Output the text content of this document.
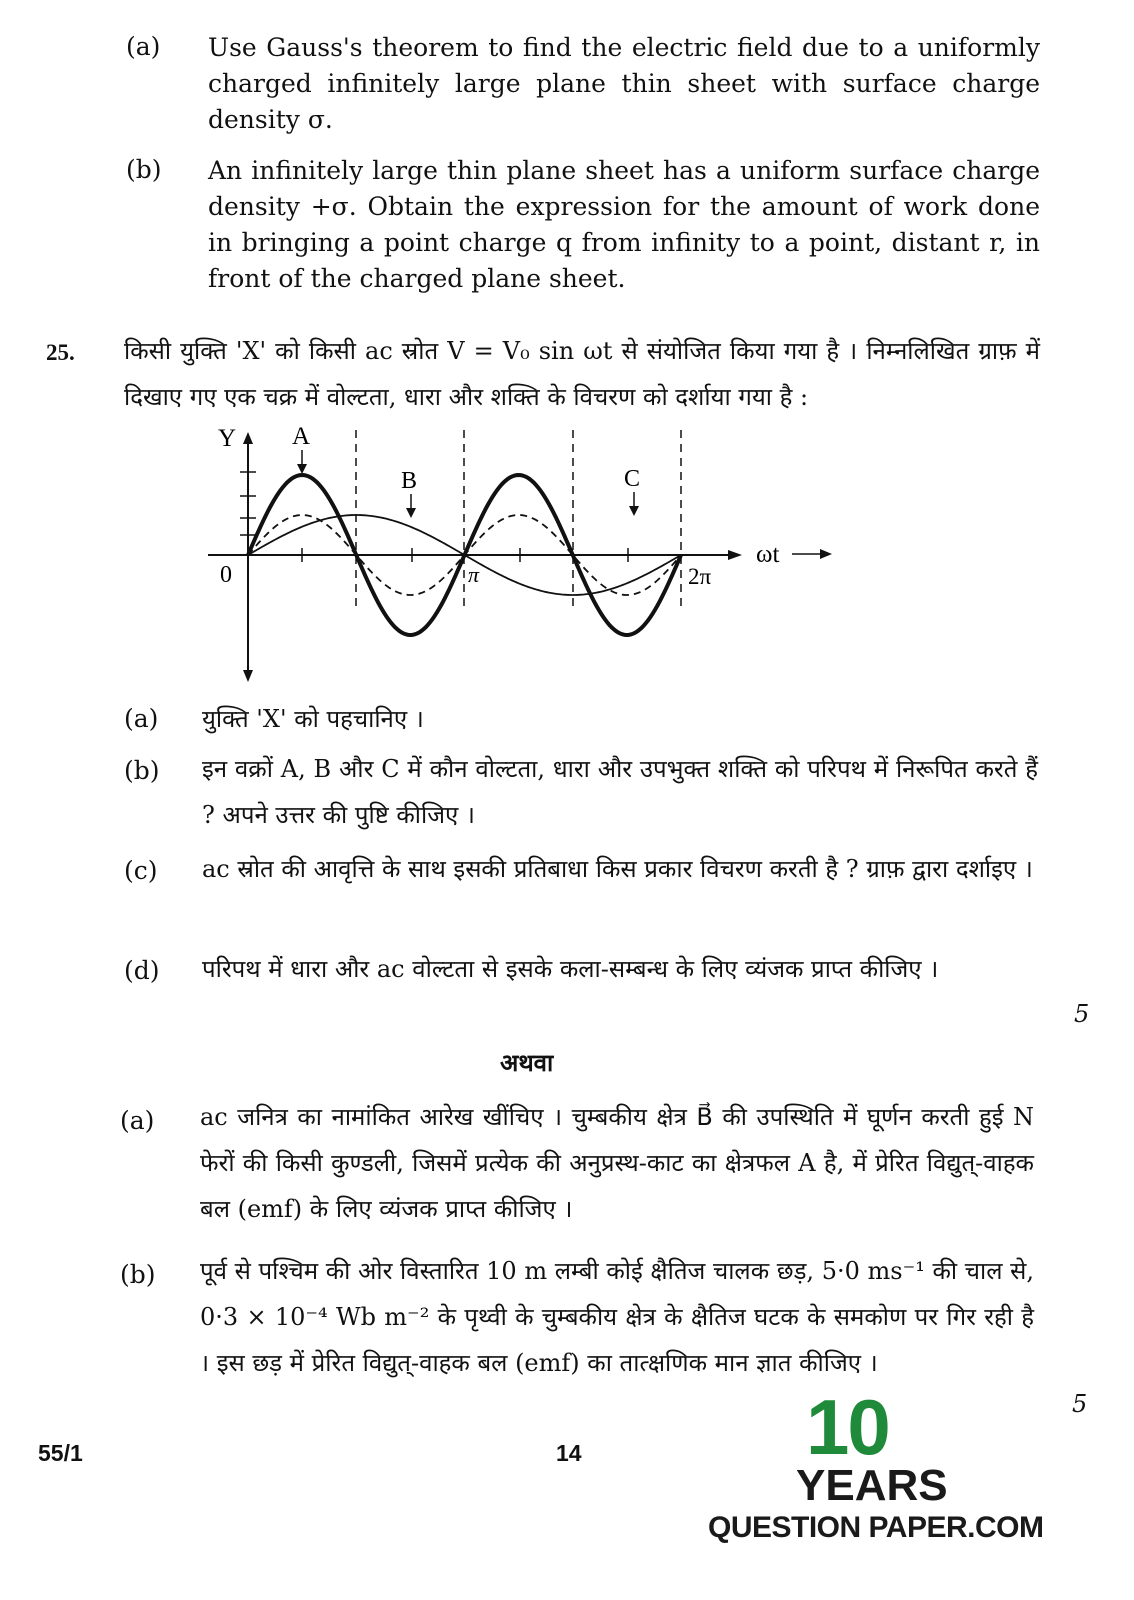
(a) Use Gauss's theorem to find the electric field due to a uniformly charged infinitely large plane thin sheet with surface charge density σ.
(b) An infinitely large thin plane sheet has a uniform surface charge density +σ. Obtain the expression for the amount of work done in bringing a point charge q from infinity to a point, distant r, in front of the charged plane sheet.
25. किसी युक्ति 'X' को किसी ac स्रोत V = V₀ sin ωt से संयोजित किया गया है । निम्नलिखित ग्राफ़ में दिखाए गए एक चक्र में वोल्टता, धारा और शक्ति के विचरण को दर्शाया गया है :
Y
0	π	2π
ωt
A
B	C
(a) युक्ति 'X' को पहचानिए ।
(b) इन वक्रों A, B और C में कौन वोल्टता, धारा और उपभुक्त शक्ति को परिपथ में निरूपित करते हैं ? अपने उत्तर की पुष्टि कीजिए ।
(c) ac स्रोत की आवृत्ति के साथ इसकी प्रतिबाधा किस प्रकार विचरण करती है ? ग्राफ़ द्वारा दर्शाइए ।
(d) परिपथ में धारा और ac वोल्टता से इसके कला-सम्बन्ध के लिए व्यंजक प्राप्त कीजिए ।
5
अथवा
(a) ac जनित्र का नामांकित आरेख खींचिए । चुम्बकीय क्षेत्र B⃗ की उपस्थिति में घूर्णन करती हुई N फेरों की किसी कुण्डली, जिसमें प्रत्येक की अनुप्रस्थ-काट का क्षेत्रफल A है, में प्रेरित विद्युत्-वाहक बल (emf) के लिए व्यंजक प्राप्त कीजिए ।
(b) पूर्व से पश्चिम की ओर विस्तारित 10 m लम्बी कोई क्षैतिज चालक छड़, 5·0 ms⁻¹ की चाल से, 0·3 × 10⁻⁴ Wb m⁻² के पृथ्वी के चुम्बकीय क्षेत्र के क्षैतिज घटक के समकोण पर गिर रही है । इस छड़ में प्रेरित विद्युत्-वाहक बल (emf) का तात्क्षणिक मान ज्ञात कीजिए ।
5
55/1	14	10
YEARS
QUESTION PAPER.COM
